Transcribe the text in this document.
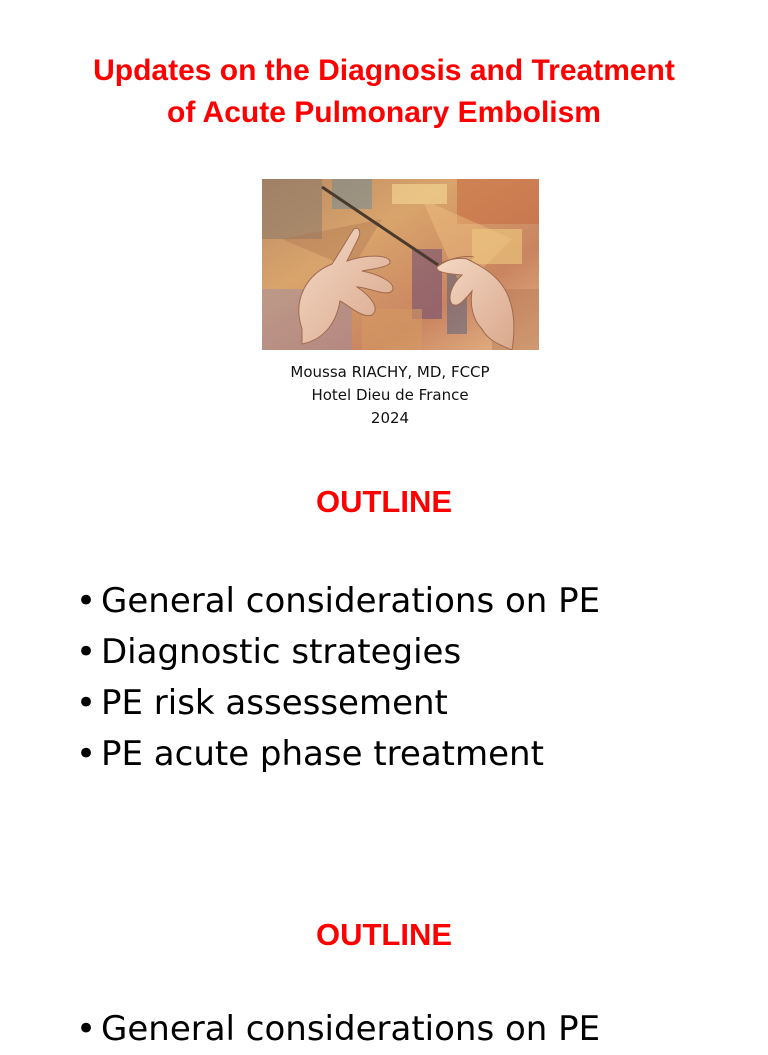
Updates on the Diagnosis and Treatment
of Acute Pulmonary Embolism
Moussa RIACHY, MD, FCCP
Hotel Dieu de France
2024
OUTLINE
• General considerations on PE
• Diagnostic strategies
• PE risk assessement
• PE acute phase treatment
OUTLINE
• General considerations on PE
